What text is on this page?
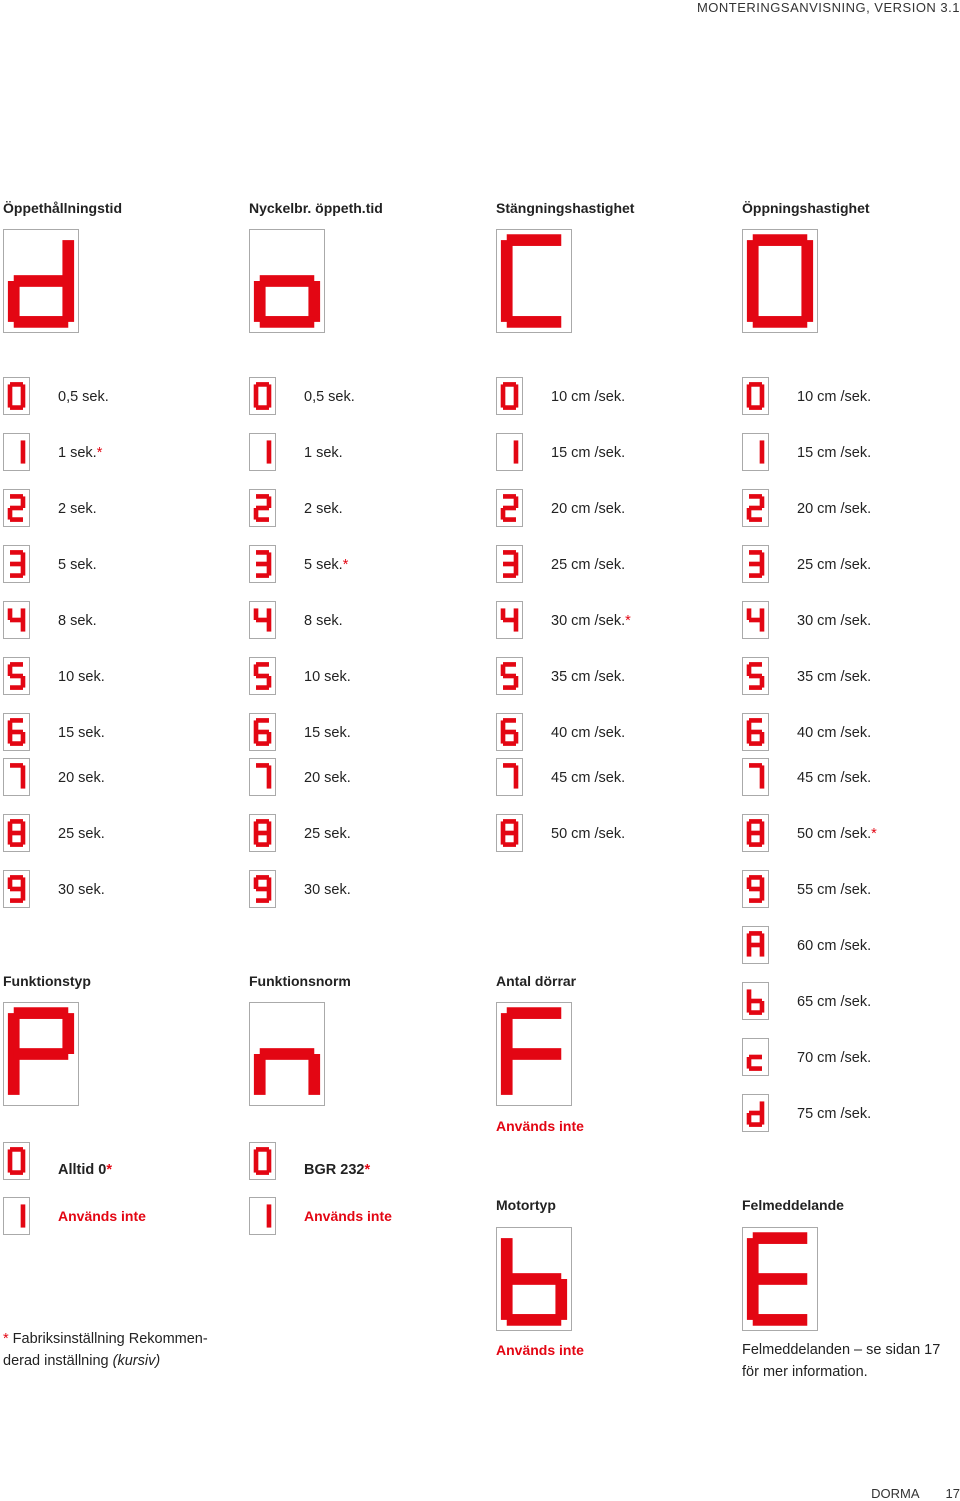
MONTERINGSANVISNING, VERSION 3.1
Öppethållningstid
0,5 sek.
1 sek.*
2 sek.
5 sek.
8 sek.
10 sek.
15 sek.
20 sek.
25 sek.
30 sek.
Nyckelbr. öppeth.tid
0,5 sek.
1 sek.
2 sek.
5 sek.*
8 sek.
10 sek.
15 sek.
20 sek.
25 sek.
30 sek.
Stängningshastighet
10 cm /sek.
15 cm /sek.
20 cm /sek.
25 cm /sek.
30 cm /sek.*
35 cm /sek.
40 cm /sek.
45 cm /sek.
50 cm /sek.
Öppningshastighet
10 cm /sek.
15 cm /sek.
20 cm /sek.
25 cm /sek.
30 cm /sek.
35 cm /sek.
40 cm /sek.
45 cm /sek.
50 cm /sek.*
55 cm /sek.
60 cm /sek.
65 cm /sek.
70 cm /sek.
75 cm /sek.
Funktionstyp
Alltid 0*
Används inte
Funktionsnorm
BGR 232*
Används inte
Antal dörrar
Används inte
Motortyp
Används inte
Felmeddelande
Felmeddelanden – se sidan 17
för mer information.
* Fabriksinställning Rekommen-
derad inställning (kursiv)
DORMA 17
